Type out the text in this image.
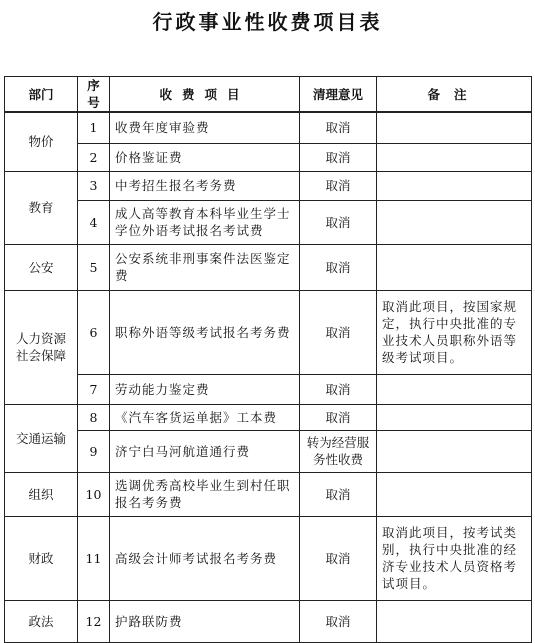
行政事业性收费项目表
部门	序号	收费项目	清理意见	备注
物价	1	收费年度审验费	取消	
	2	价格鉴证费	取消	
教育	3	中考招生报名考务费	取消	
	4	成人高等教育本科毕业生学士学位外语考试报名考试费	取消	
公安	5	公安系统非刑事案件法医鉴定费	取消	
人力资源社会保障	6	职称外语等级考试报名考务费	取消	取消此项目，按国家规定，执行中央批准的专业技术人员职称外语等级考试项目。
	7	劳动能力鉴定费	取消	
交通运输	8	《汽车客货运单据》工本费	取消	
	9	济宁白马河航道通行费	转为经营服务性收费	
组织	10	选调优秀高校毕业生到村任职报名考务费	取消	
财政	11	高级会计师考试报名考务费	取消	取消此项目，按考试类别，执行中央批准的经济专业技术人员资格考试项目。
政法	12	护路联防费	取消	
